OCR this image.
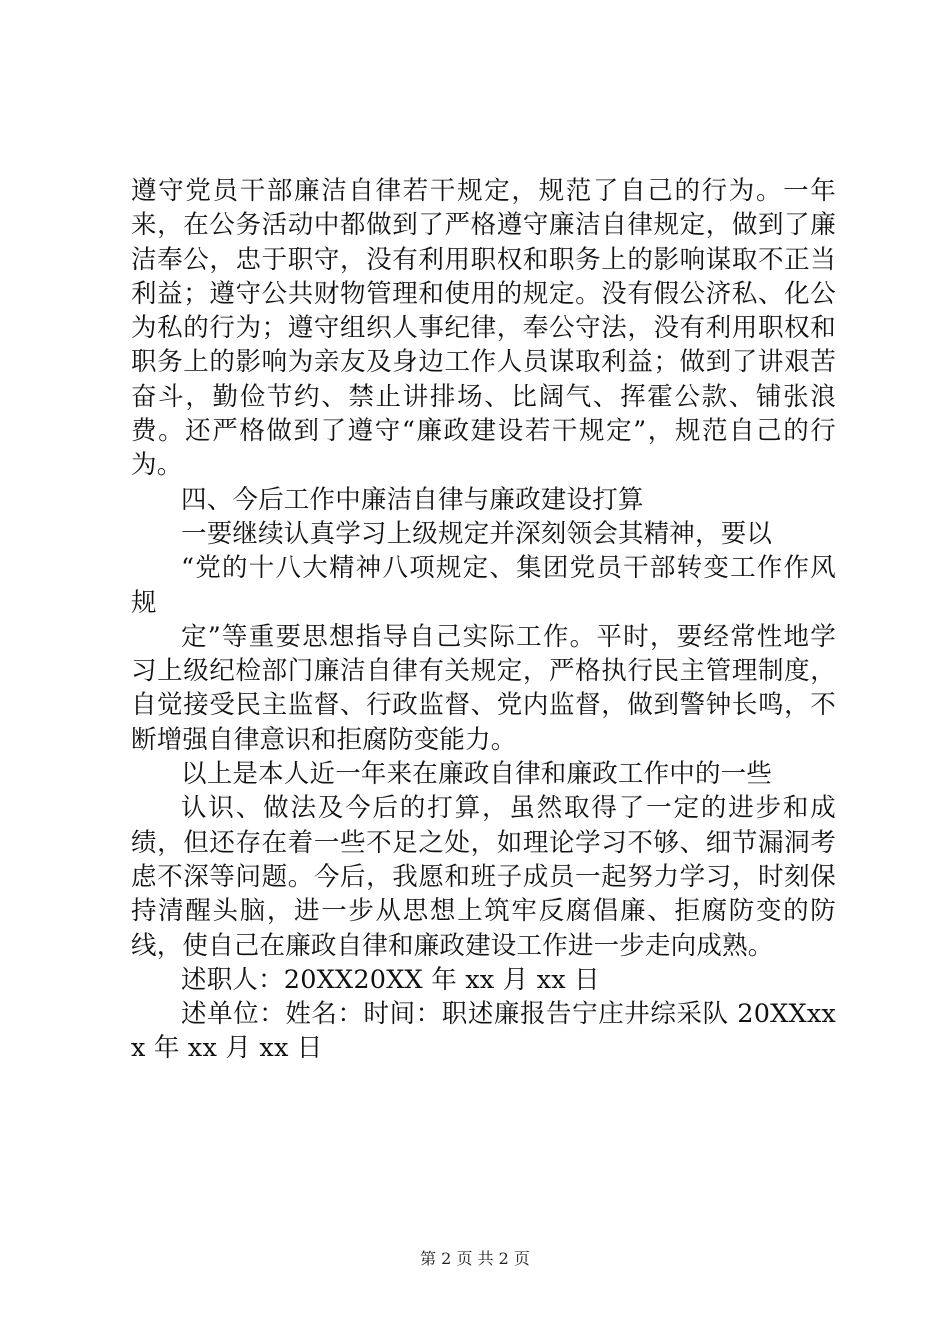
遵守党员干部廉洁自律若干规定，规范了自己的行为。一年来，在公务活动中都做到了严格遵守廉洁自律规定，做到了廉洁奉公，忠于职守，没有利用职权和职务上的影响谋取不正当利益；遵守公共财物管理和使用的规定。没有假公济私、化公为私的行为；遵守组织人事纪律，奉公守法，没有利用职权和职务上的影响为亲友及身边工作人员谋取利益；做到了讲艰苦奋斗，勤俭节约、禁止讲排场、比阔气、挥霍公款、铺张浪费。还严格做到了遵守“廉政建设若干规定”，规范自己的行为。

四、今后工作中廉洁自律与廉政建设打算

一要继续认真学习上级规定并深刻领会其精神，要以

“党的十八大精神八项规定、集团党员干部转变工作作风规

定”等重要思想指导自己实际工作。平时，要经常性地学习上级纪检部门廉洁自律有关规定，严格执行民主管理制度，自觉接受民主监督、行政监督、党内监督，做到警钟长鸣，不断增强自律意识和拒腐防变能力。

以上是本人近一年来在廉政自律和廉政工作中的一些

认识、做法及今后的打算，虽然取得了一定的进步和成绩，但还存在着一些不足之处，如理论学习不够、细节漏洞考虑不深等问题。今后，我愿和班子成员一起努力学习，时刻保持清醒头脑，进一步从思想上筑牢反腐倡廉、拒腐防变的防线，使自己在廉政自律和廉政建设工作进一步走向成熟。

述职人：20XX20XX 年 xx 月 xx 日

述单位：姓名：时间：职述廉报告宁庄井综采队 20XXxxx 年 xx 月 xx 日

第 2 页 共 2 页
